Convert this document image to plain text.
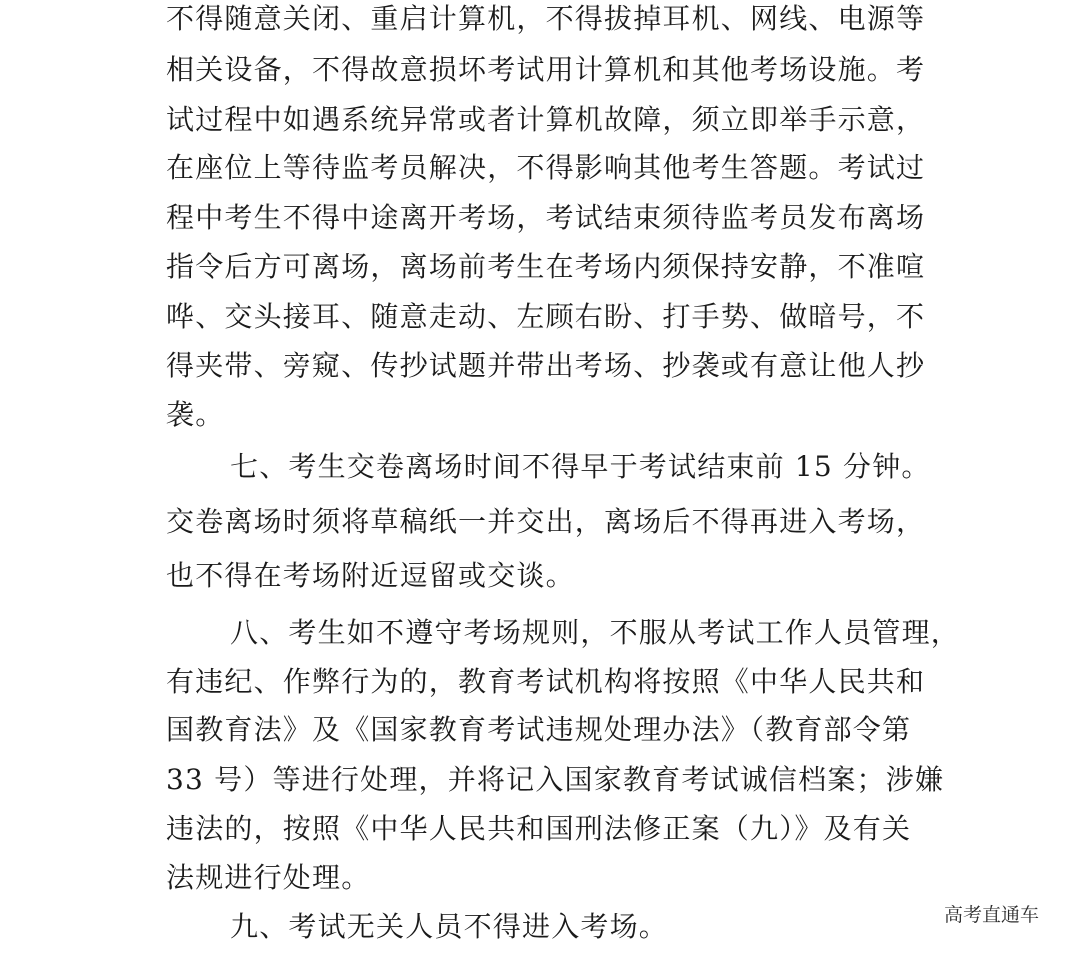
不得随意关闭、重启计算机，不得拔掉耳机、网线、电源等
相关设备，不得故意损坏考试用计算机和其他考场设施。考
试过程中如遇系统异常或者计算机故障，须立即举手示意，
在座位上等待监考员解决，不得影响其他考生答题。考试过
程中考生不得中途离开考场，考试结束须待监考员发布离场
指令后方可离场，离场前考生在考场内须保持安静，不准喧
哗、交头接耳、随意走动、左顾右盼、打手势、做暗号，不
得夹带、旁窥、传抄试题并带出考场、抄袭或有意让他人抄
袭。
七、考生交卷离场时间不得早于考试结束前 15 分钟。
交卷离场时须将草稿纸一并交出，离场后不得再进入考场，
也不得在考场附近逗留或交谈。
八、考生如不遵守考场规则，不服从考试工作人员管理，
有违纪、作弊行为的，教育考试机构将按照《中华人民共和
国教育法》及《国家教育考试违规处理办法》（教育部令第
33 号）等进行处理，并将记入国家教育考试诚信档案；涉嫌
违法的，按照《中华人民共和国刑法修正案（九）》及有关
法规进行处理。
九、考试无关人员不得进入考场。	高考直通车
